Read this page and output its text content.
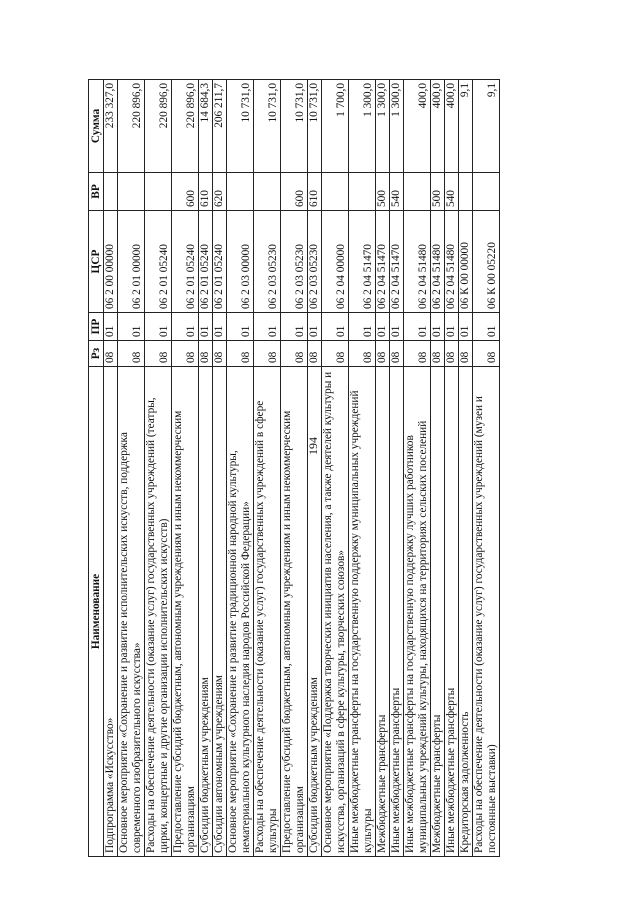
194
Наименование	Рз	ПР	ЦСР	ВР	Сумма
Подпрограмма «Искусство»	08	01	06 2 00 00000		233 327,0
Основное мероприятие «Сохранение и развитие исполнительских искусств, поддержка современного изобразительного искусства»	08	01	06 2 01 00000		220 896,0
Расходы на обеспечение деятельности (оказание услуг) государственных учреждений (театры, цирки, концертные и другие организации исполнительских искусств)	08	01	06 2 01 05240		220 896,0
Предоставление субсидий бюджетным, автономным учреждениям и иным некоммерческим организациям	08	01	06 2 01 05240	600	220 896,0
Субсидии бюджетным учреждениям	08	01	06 2 01 05240	610	14 684,3
Субсидии автономным учреждениям	08	01	06 2 01 05240	620	206 211,7
Основное мероприятие «Сохранение и развитие традиционной народной культуры, нематериального культурного наследия народов Российской Федерации»	08	01	06 2 03 00000		10 731,0
Расходы на обеспечение деятельности (оказание услуг) государственных учреждений в сфере культуры	08	01	06 2 03 05230		10 731,0
Предоставление субсидий бюджетным, автономным учреждениям и иным некоммерческим организациям	08	01	06 2 03 05230	600	10 731,0
Субсидии бюджетным учреждениям	08	01	06 2 03 05230	610	10 731,0
Основное мероприятие «Поддержка творческих инициатив населения, а также деятелей культуры и искусства, организаций в сфере культуры, творческих союзов»	08	01	06 2 04 00000		1 700,0
Иные межбюджетные трансферты на государственную поддержку муниципальных учреждений культуры	08	01	06 2 04 51470		1 300,0
Межбюджетные трансферты	08	01	06 2 04 51470	500	1 300,0
Иные межбюджетные трансферты	08	01	06 2 04 51470	540	1 300,0
Иные межбюджетные трансферты на государственную поддержку лучших работников муниципальных учреждений культуры, находящихся на территориях сельских поселений	08	01	06 2 04 51480		400,0
Межбюджетные трансферты	08	01	06 2 04 51480	500	400,0
Иные межбюджетные трансферты	08	01	06 2 04 51480	540	400,0
Кредиторская задолженность	08	01	06 К 00 00000		9,1
Расходы на обеспечение деятельности (оказание услуг) государственных учреждений (музеи и постоянные выставки)	08	01	06 К 00 05220		9,1
